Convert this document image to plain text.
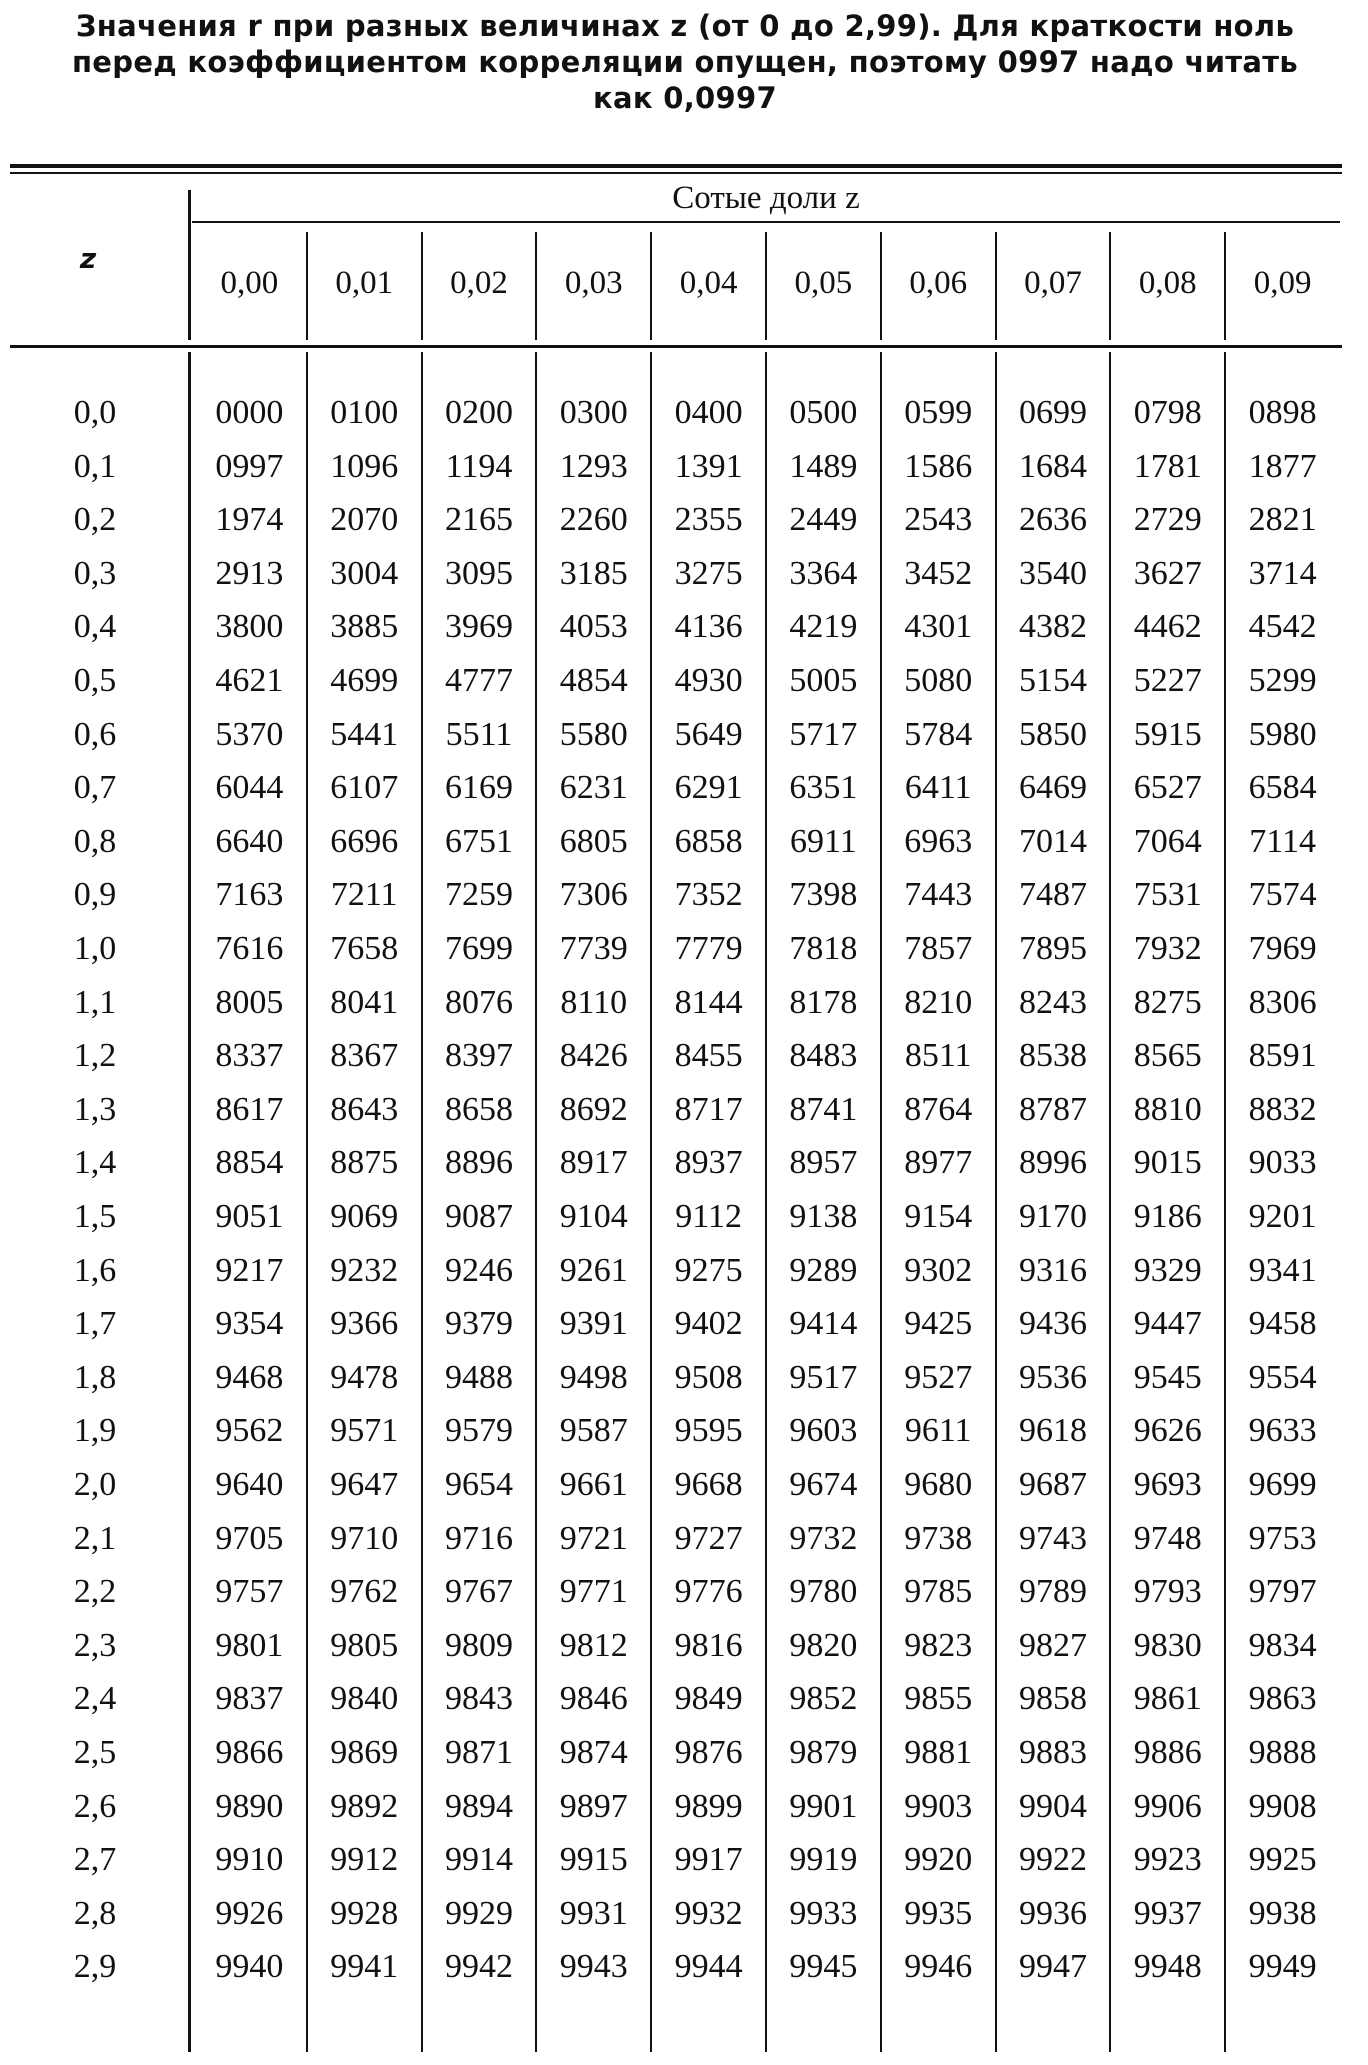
Значения r при разных величинах z (от 0 до 2,99). Для краткости ноль
перед коэффициентом корреляции опущен, поэтому 0997 надо читать
как 0,0997
z
Сотые доли z
0,00	0,01	0,02	0,03	0,04	0,05	0,06	0,07	0,08	0,09
0,0	0000	0100	0200	0300	0400	0500	0599	0699	0798	0898
0,1	0997	1096	1194	1293	1391	1489	1586	1684	1781	1877
0,2	1974	2070	2165	2260	2355	2449	2543	2636	2729	2821
0,3	2913	3004	3095	3185	3275	3364	3452	3540	3627	3714
0,4	3800	3885	3969	4053	4136	4219	4301	4382	4462	4542
0,5	4621	4699	4777	4854	4930	5005	5080	5154	5227	5299
0,6	5370	5441	5511	5580	5649	5717	5784	5850	5915	5980
0,7	6044	6107	6169	6231	6291	6351	6411	6469	6527	6584
0,8	6640	6696	6751	6805	6858	6911	6963	7014	7064	7114
0,9	7163	7211	7259	7306	7352	7398	7443	7487	7531	7574
1,0	7616	7658	7699	7739	7779	7818	7857	7895	7932	7969
1,1	8005	8041	8076	8110	8144	8178	8210	8243	8275	8306
1,2	8337	8367	8397	8426	8455	8483	8511	8538	8565	8591
1,3	8617	8643	8658	8692	8717	8741	8764	8787	8810	8832
1,4	8854	8875	8896	8917	8937	8957	8977	8996	9015	9033
1,5	9051	9069	9087	9104	9112	9138	9154	9170	9186	9201
1,6	9217	9232	9246	9261	9275	9289	9302	9316	9329	9341
1,7	9354	9366	9379	9391	9402	9414	9425	9436	9447	9458
1,8	9468	9478	9488	9498	9508	9517	9527	9536	9545	9554
1,9	9562	9571	9579	9587	9595	9603	9611	9618	9626	9633
2,0	9640	9647	9654	9661	9668	9674	9680	9687	9693	9699
2,1	9705	9710	9716	9721	9727	9732	9738	9743	9748	9753
2,2	9757	9762	9767	9771	9776	9780	9785	9789	9793	9797
2,3	9801	9805	9809	9812	9816	9820	9823	9827	9830	9834
2,4	9837	9840	9843	9846	9849	9852	9855	9858	9861	9863
2,5	9866	9869	9871	9874	9876	9879	9881	9883	9886	9888
2,6	9890	9892	9894	9897	9899	9901	9903	9904	9906	9908
2,7	9910	9912	9914	9915	9917	9919	9920	9922	9923	9925
2,8	9926	9928	9929	9931	9932	9933	9935	9936	9937	9938
2,9	9940	9941	9942	9943	9944	9945	9946	9947	9948	9949
